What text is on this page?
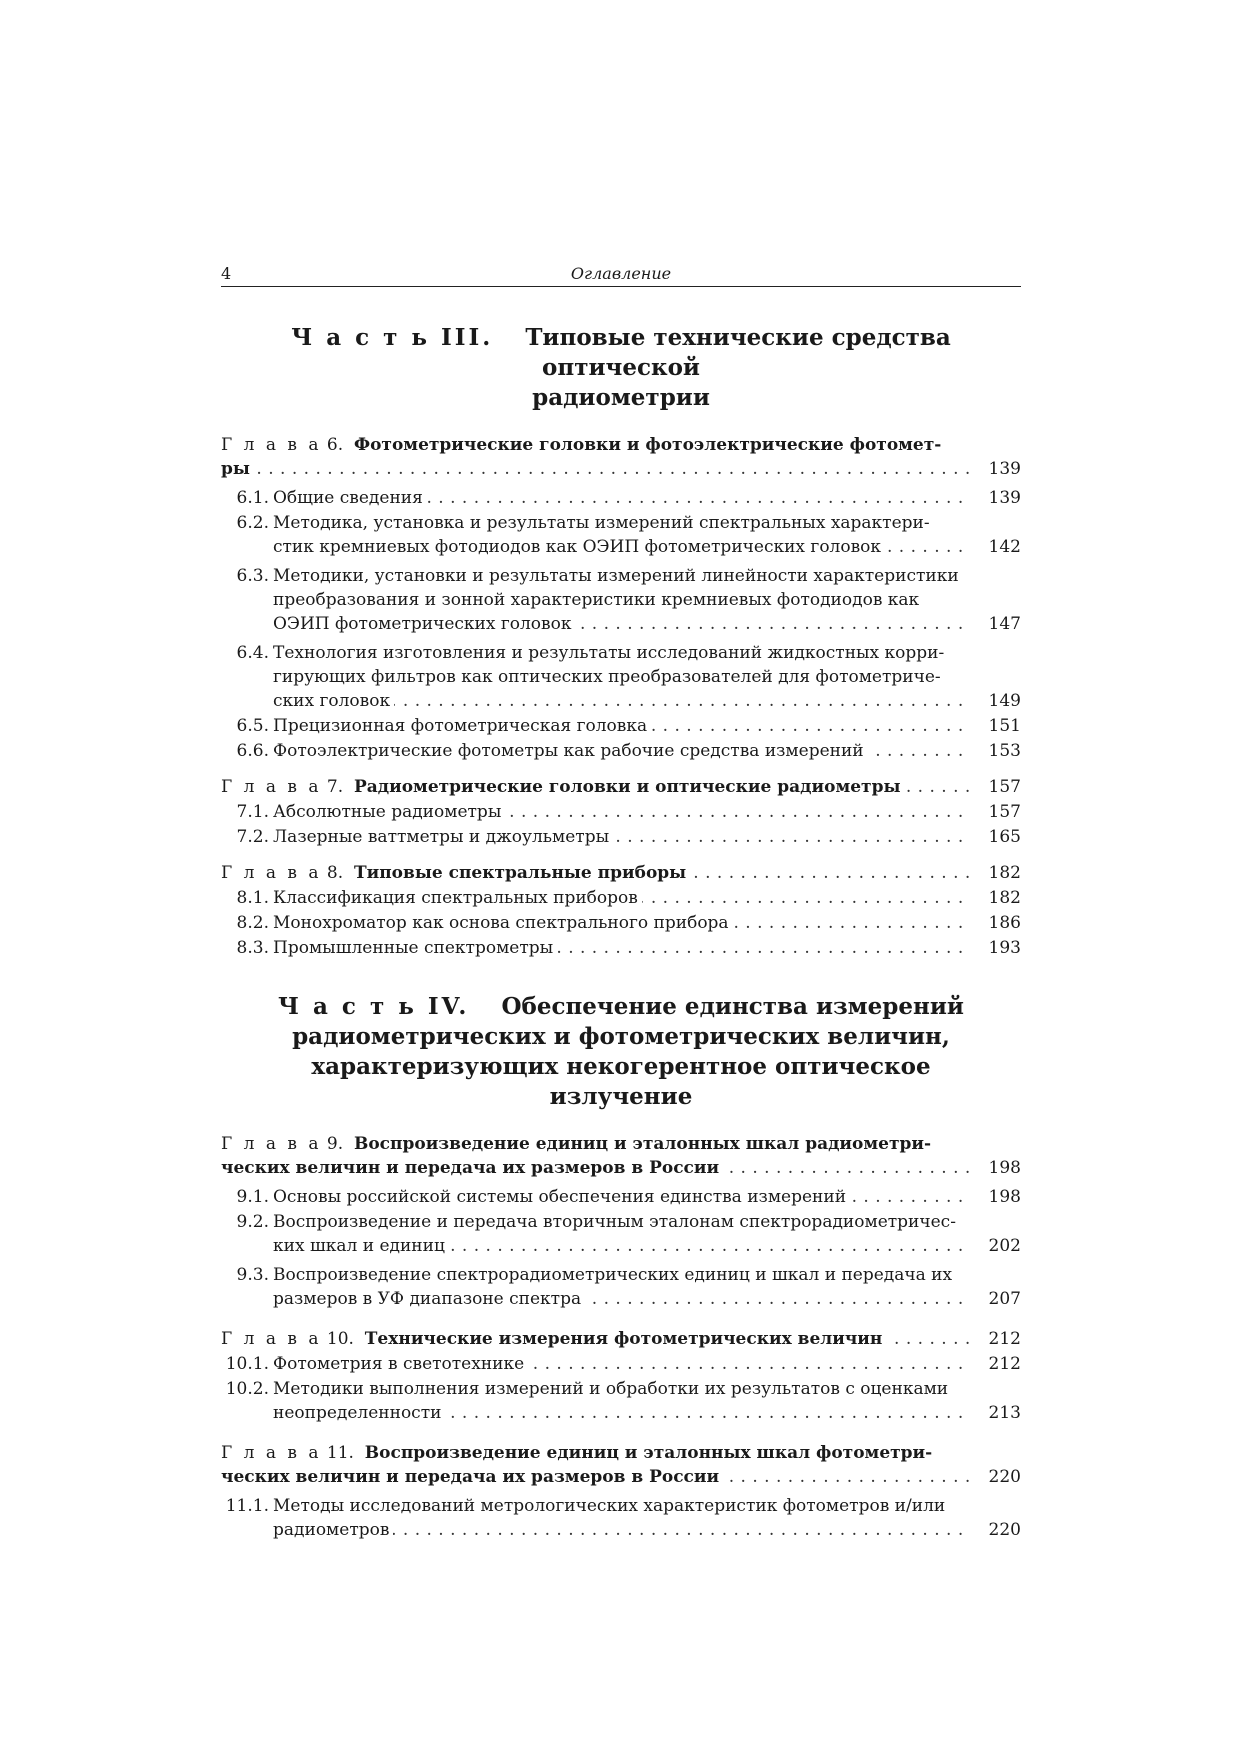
4	Оглавление
Ч а с т ь III. Типовые технические средства оптической
радиометрии
Г л а в а 6. Фотометрические головки и фотоэлектрические фотомет-
ры . . .	139
6.1. Общие сведения . . .	139
6.2. Методика, установка и результаты измерений спектральных характери-
стик кремниевых фотодиодов как ОЭИП фотометрических головок . . .	142
6.3. Методики, установки и результаты измерений линейности характеристики
преобразования и зонной характеристики кремниевых фотодиодов как
ОЭИП фотометрических головок . . .	147
6.4. Технология изготовления и результаты исследований жидкостных корри-
гирующих фильтров как оптических преобразователей для фотометриче-
ских головок . . .	149
6.5. Прецизионная фотометрическая головка . . .	151
6.6. Фотоэлектрические фотометры как рабочие средства измерений . . .	153
Г л а в а 7. Радиометрические головки и оптические радиометры . . .	157
7.1. Абсолютные радиометры . . .	157
7.2. Лазерные ваттметры и джоульметры . . .	165
Г л а в а 8. Типовые спектральные приборы . . .	182
8.1. Классификация спектральных приборов . . .	182
8.2. Монохроматор как основа спектрального прибора . . .	186
8.3. Промышленные спектрометры . . .	193
Ч а с т ь IV. Обеспечение единства измерений
радиометрических и фотометрических величин,
характеризующих некогерентное оптическое излучение
Г л а в а 9. Воспроизведение единиц и эталонных шкал радиометри-
ческих величин и передача их размеров в России . . .	198
9.1. Основы российской системы обеспечения единства измерений . . .	198
9.2. Воспроизведение и передача вторичным эталонам спектрорадиометричес-
ких шкал и единиц . . .	202
9.3. Воспроизведение спектрорадиометрических единиц и шкал и передача их
размеров в УФ диапазоне спектра . . .	207
Г л а в а 10. Технические измерения фотометрических величин . . .	212
10.1. Фотометрия в светотехнике . . .	212
10.2. Методики выполнения измерений и обработки их результатов с оценками
неопределенности . . .	213
Г л а в а 11. Воспроизведение единиц и эталонных шкал фотометри-
ческих величин и передача их размеров в России . . .	220
11.1. Методы исследований метрологических характеристик фотометров и/или
радиометров . . .	220
